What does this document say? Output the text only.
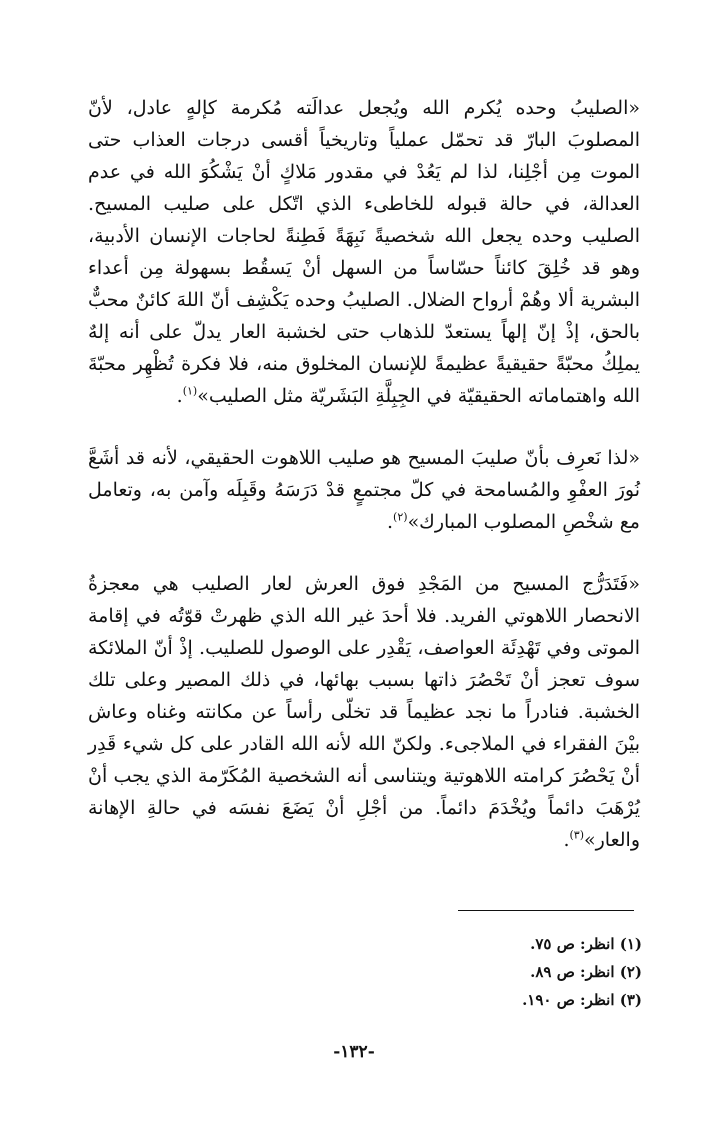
«الصليبُ وحده يُكرم الله ويُجعل عدالَته مُكرمة كإلهٍ عادل، لأنّ المصلوبَ البارّ قد تحمّل عملياً وتاريخياً أقسى درجات العذاب حتى الموت مِن أجْلِنا، لذا لم يَعُدْ في مقدور مَلاكٍ أنْ يَشْكُوَ الله في عدم العدالة، في حالة قبوله للخاطىء الذي اتّكل على صليب المسيح. الصليب وحده يجعل الله شخصيةً نَبِهَةً فَطِنةً لحاجات الإنسان الأدبية، وهو قد خُلِقَ كائناً حسّاساً من السهل أنْ يَسقُط بسهولة مِن أعداء البشرية ألا وهُمْ أرواح الضلال. الصليبُ وحده يَكْشِف أنّ اللهَ كائنٌ محبٌّ بالحق، إذْ إنّ إلهاً يستعدّ للذهاب حتى لخشبة العار يدلّ على أنه إلهٌ يملِكُ محبّةً حقيقيةً عظيمةً للإنسان المخلوق منه، فلا فكرة تُظْهِر محبّةَ الله واهتماماته الحقيقيّة في الجِبِلَّةِ البَشَريّة مثل الصليب»$^{(١)}$.

«لذا نَعرِف بأنّ صليبَ المسيح هو صليب اللاهوت الحقيقي، لأنه قد أشَعَّ نُورَ العفْوِ والمُسامحة في كلّ مجتمعٍ قدْ دَرَسَهُ وقَبِلَه وآمن به، وتعامل مع شخْصِ المصلوب المبارك»$^{(٢)}$.

«فَتَدَرُّج المسيح من المَجْدِ فوق العرش لعار الصليب هي معجزةُ الانحصار اللاهوتي الفريد. فلا أحدَ غير الله الذي ظهرتْ قوّتُه في إقامة الموتى وفي تَهْدِئَة العواصف، يَقْدِر على الوصول للصليب. إذْ أنّ الملائكة سوف تعجز أنْ تَحْصُرَ ذاتها بسبب بهائها، في ذلك المصير وعلى تلك الخشبة. فنادراً ما نجد عظيماً قد تخلّى رأساً عن مكانته وغناه وعاش بيْنَ الفقراء في الملاجىء. ولكنّ الله لأنه الله القادر على كل شيء قَدِر أنْ يَحْصُرَ كرامته اللاهوتية ويتناسى أنه الشخصية المُكَرّمة الذي يجب أنْ يُرْهَبَ دائماً ويُخْدَمَ دائماً. من أجْلِ أنْ يَضَعَ نفسَه في حالةِ الإهانة والعار»$^{(٣)}$.

(١) انظر: ص ٧٥.
(٢) انظر: ص ٨٩.
(٣) انظر: ص ١٩٠.
-١٣٢-
